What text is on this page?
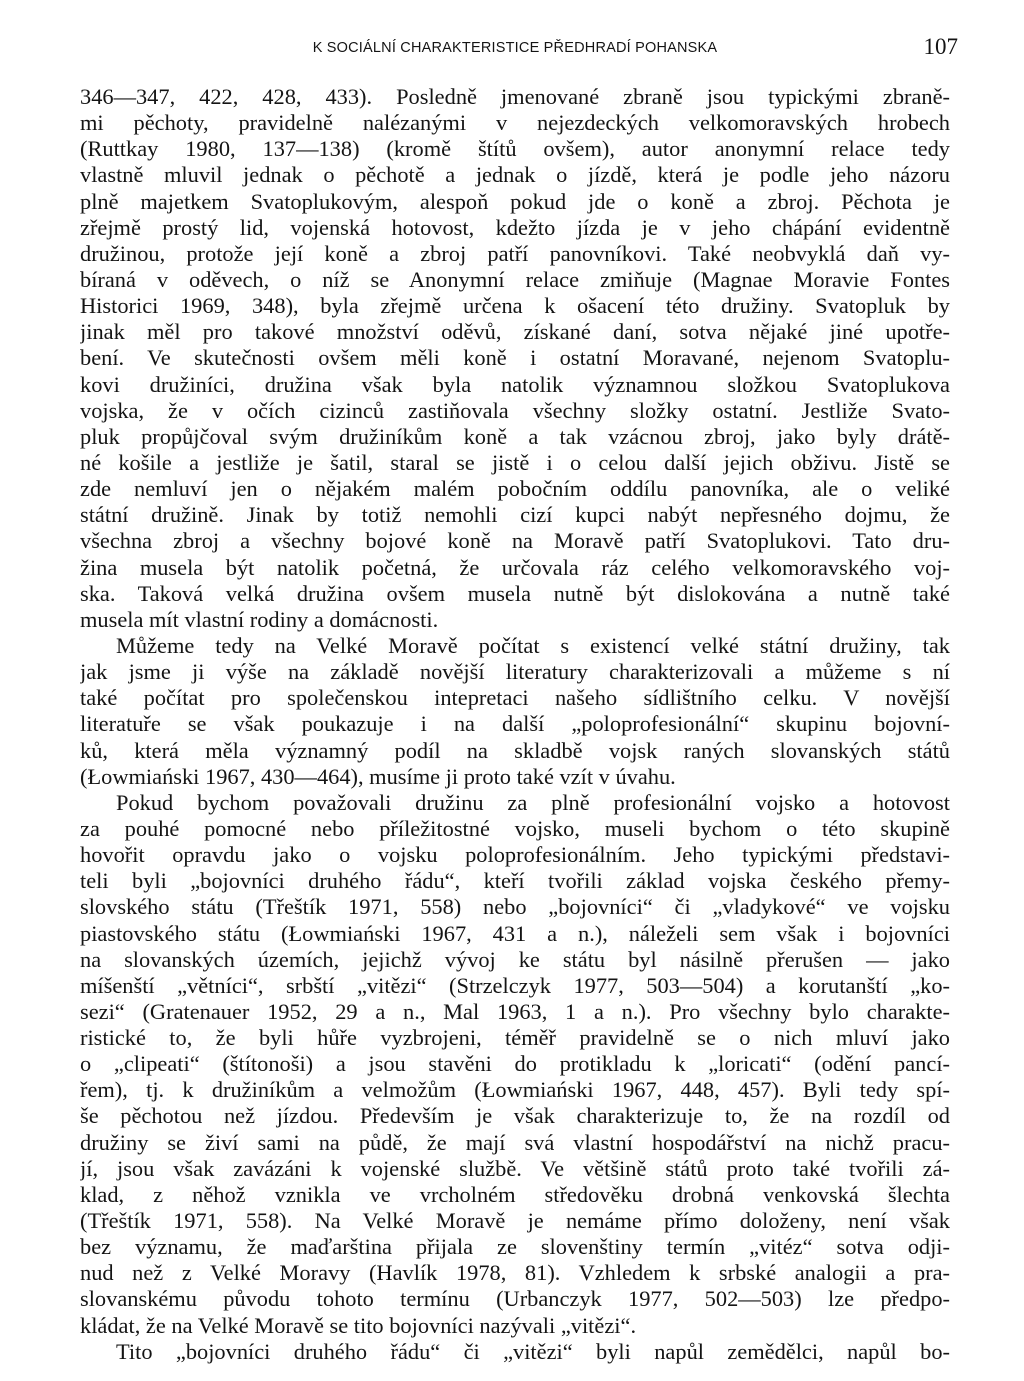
K SOCIÁLNÍ CHARAKTERISTICE PŘEDHRADÍ POHANSKA	107
346—347, 422, 428, 433). Posledně jmenované zbraně jsou typickými zbraně-
mi pěchoty, pravidelně nalézanými v nejezdeckých velkomoravských hrobech
(Ruttkay 1980, 137—138) (kromě štítů ovšem), autor anonymní relace tedy
vlastně mluvil jednak o pěchotě a jednak o jízdě, která je podle jeho názoru
plně majetkem Svatoplukovým, alespoň pokud jde o koně a zbroj. Pěchota je
zřejmě prostý lid, vojenská hotovost, kdežto jízda je v jeho chápání evidentně
družinou, protože její koně a zbroj patří panovníkovi. Také neobvyklá daň vy-
bíraná v oděvech, o níž se Anonymní relace zmiňuje (Magnae Moravie Fontes
Historici 1969, 348), byla zřejmě určena k ošacení této družiny. Svatopluk by
jinak měl pro takové množství oděvů, získané daní, sotva nějaké jiné upotře-
bení. Ve skutečnosti ovšem měli koně i ostatní Moravané, nejenom Svatoplu-
kovi družiníci, družina však byla natolik významnou složkou Svatoplukova
vojska, že v očích cizinců zastiňovala všechny složky ostatní. Jestliže Svato-
pluk propůjčoval svým družiníkům koně a tak vzácnou zbroj, jako byly drátě-
né košile a jestliže je šatil, staral se jistě i o celou další jejich obživu. Jistě se
zde nemluví jen o nějakém malém pobočním oddílu panovníka, ale o veliké
státní družině. Jinak by totiž nemohli cizí kupci nabýt nepřesného dojmu, že
všechna zbroj a všechny bojové koně na Moravě patří Svatoplukovi. Tato dru-
žina musela být natolik početná, že určovala ráz celého velkomoravského voj-
ska. Taková velká družina ovšem musela nutně být dislokována a nutně také
musela mít vlastní rodiny a domácnosti.
Můžeme tedy na Velké Moravě počítat s existencí velké státní družiny, tak
jak jsme ji výše na základě novější literatury charakterizovali a můžeme s ní
také počítat pro společenskou intepretaci našeho sídlištního celku. V novější
literatuře se však poukazuje i na další „poloprofesionální“ skupinu bojovní-
ků, která měla významný podíl na skladbě vojsk raných slovanských států
(Łowmiański 1967, 430—464), musíme ji proto také vzít v úvahu.
Pokud bychom považovali družinu za plně profesionální vojsko a hotovost
za pouhé pomocné nebo příležitostné vojsko, museli bychom o této skupině
hovořit opravdu jako o vojsku poloprofesionálním. Jeho typickými představi-
teli byli „bojovníci druhého řádu“, kteří tvořili základ vojska českého přemy-
slovského státu (Třeštík 1971, 558) nebo „bojovníci“ či „vladykové“ ve vojsku
piastovského státu (Łowmiański 1967, 431 a n.), náleželi sem však i bojovníci
na slovanských územích, jejichž vývoj ke státu byl násilně přerušen — jako
míšenští „větníci“, srbští „vitězi“ (Strzelczyk 1977, 503—504) a korutanští „ko-
sezi“ (Gratenauer 1952, 29 a n., Mal 1963, 1 a n.). Pro všechny bylo charakte-
ristické to, že byli hůře vyzbrojeni, téměř pravidelně se o nich mluví jako
o „clipeati“ (štítonoši) a jsou stavěni do protikladu k „loricati“ (odění pancí-
řem), tj. k družiníkům a velmožům (Łowmiański 1967, 448, 457). Byli tedy spí-
še pěchotou než jízdou. Především je však charakterizuje to, že na rozdíl od
družiny se živí sami na půdě, že mají svá vlastní hospodářství na nichž pracu-
jí, jsou však zavázáni k vojenské službě. Ve většině států proto také tvořili zá-
klad, z něhož vznikla ve vrcholném středověku drobná venkovská šlechta
(Třeštík 1971, 558). Na Velké Moravě je nemáme přímo doloženy, není však
bez významu, že maďarština přijala ze slovenštiny termín „vitéz“ sotva odji-
nud než z Velké Moravy (Havlík 1978, 81). Vzhledem k srbské analogii a pra-
slovanskému původu tohoto termínu (Urbanczyk 1977, 502—503) lze předpo-
kládat, že na Velké Moravě se tito bojovníci nazývali „vitězi“.
Tito „bojovníci druhého řádu“ či „vitězi“ byli napůl zemědělci, napůl bo-
